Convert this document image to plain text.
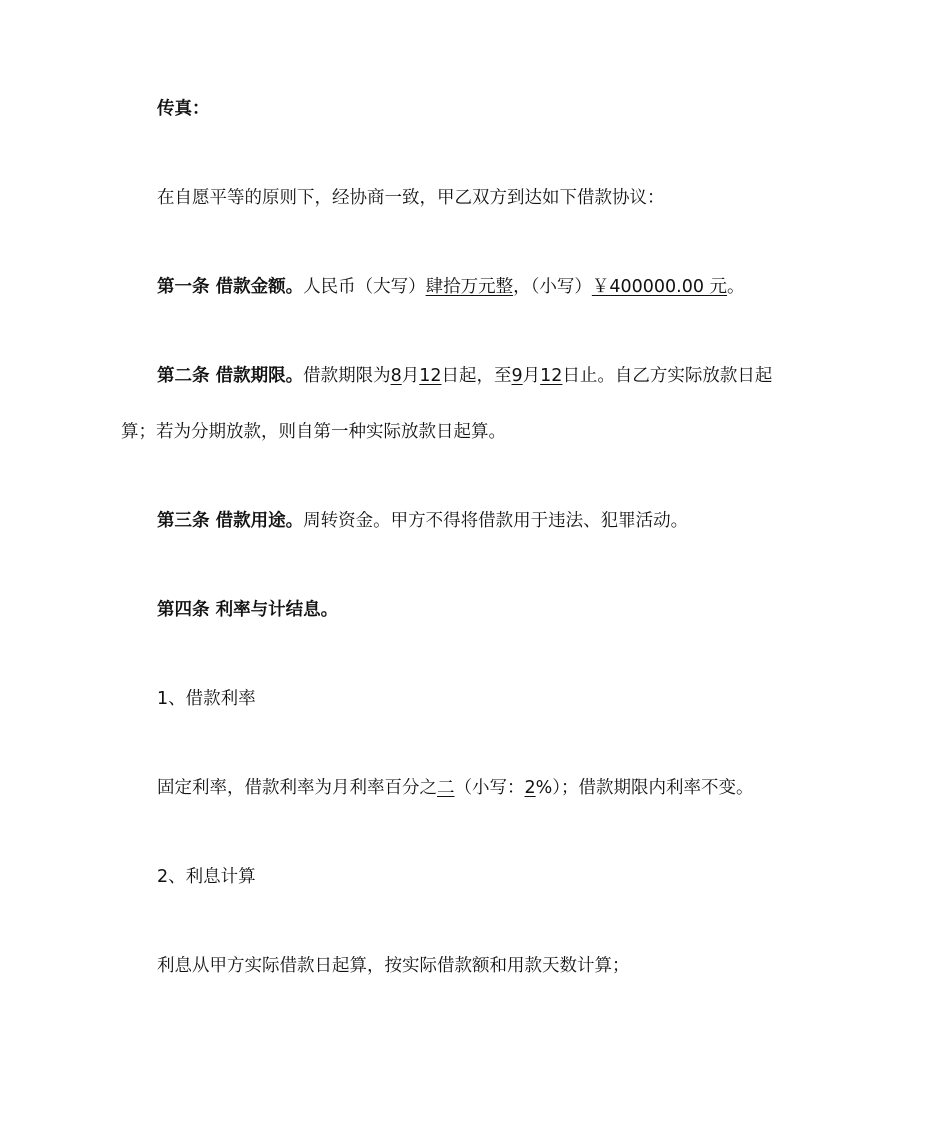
传真：
在自愿平等的原则下，经协商一致，甲乙双方到达如下借款协议：
第一条 借款金额。人民币（大写）肆拾万元整，（小写）￥400000.00 元。
第二条 借款期限。借款期限为8月12日起，至9月12日止。自乙方实际放款日起
算；若为分期放款，则自第一种实际放款日起算。
第三条 借款用途。周转资金。甲方不得将借款用于违法、犯罪活动。
第四条 利率与计结息。
1、借款利率
固定利率，借款利率为月利率百分之二（小写：2%）；借款期限内利率不变。
2、利息计算
利息从甲方实际借款日起算，按实际借款额和用款天数计算；
